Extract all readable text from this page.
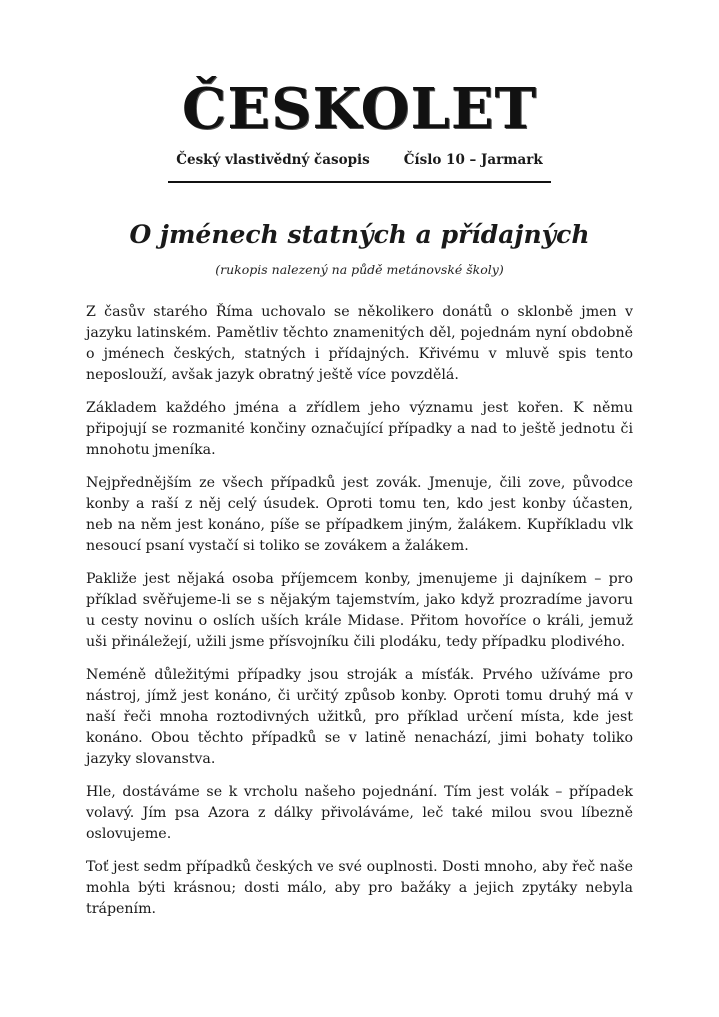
ČESKOLET
Český vlastivědný časopis	Číslo 10 – Jarmark
O jménech statných a přídajných
(rukopis nalezený na půdě metánovské školy)

Z časův starého Říma uchovalo se několikero donátů o sklonbě jmen v jazyku latinském. Pamětliv těchto znamenitých děl, pojednám nyní obdobně o jménech českých, statných i přídajných. Křivému v mluvě spis tento neposlouží, avšak jazyk obratný ještě více povzdělá.

Základem každého jména a zřídlem jeho významu jest kořen. K němu připojují se rozmanité končiny označující případky a nad to ještě jednotu či mnohotu jmeníka.

Nejpřednějším ze všech případků jest zovák. Jmenuje, čili zove, původce konby a raší z něj celý úsudek. Oproti tomu ten, kdo jest konby účasten, neb na něm jest konáno, píše se případkem jiným, žalákem. Kupříkladu vlk nesoucí psaní vystačí si toliko se zovákem a žalákem.

Pakliže jest nějaká osoba příjemcem konby, jmenujeme ji dajníkem – pro příklad svěřujeme-li se s nějakým tajemstvím, jako když prozradíme javoru u cesty novinu o oslích uších krále Midase. Přitom hovoříce o králi, jemuž uši přináležejí, užili jsme přísvojníku čili plodáku, tedy případku plodivého.

Neméně důležitými případky jsou stroják a mísťák. Prvého užíváme pro nástroj, jímž jest konáno, či určitý způsob konby. Oproti tomu druhý má v naší řeči mnoha roztodivných užitků, pro příklad určení místa, kde jest konáno. Obou těchto případků se v latině nenachází, jimi bohaty toliko jazyky slovanstva.

Hle, dostáváme se k vrcholu našeho pojednání. Tím jest volák – případek volavý. Jím psa Azora z dálky přivoláváme, leč také milou svou líbezně oslovujeme.

Toť jest sedm případků českých ve své ouplnosti. Dosti mnoho, aby řeč naše mohla býti krásnou; dosti málo, aby pro bažáky a jejich zpytáky nebyla trápením.
